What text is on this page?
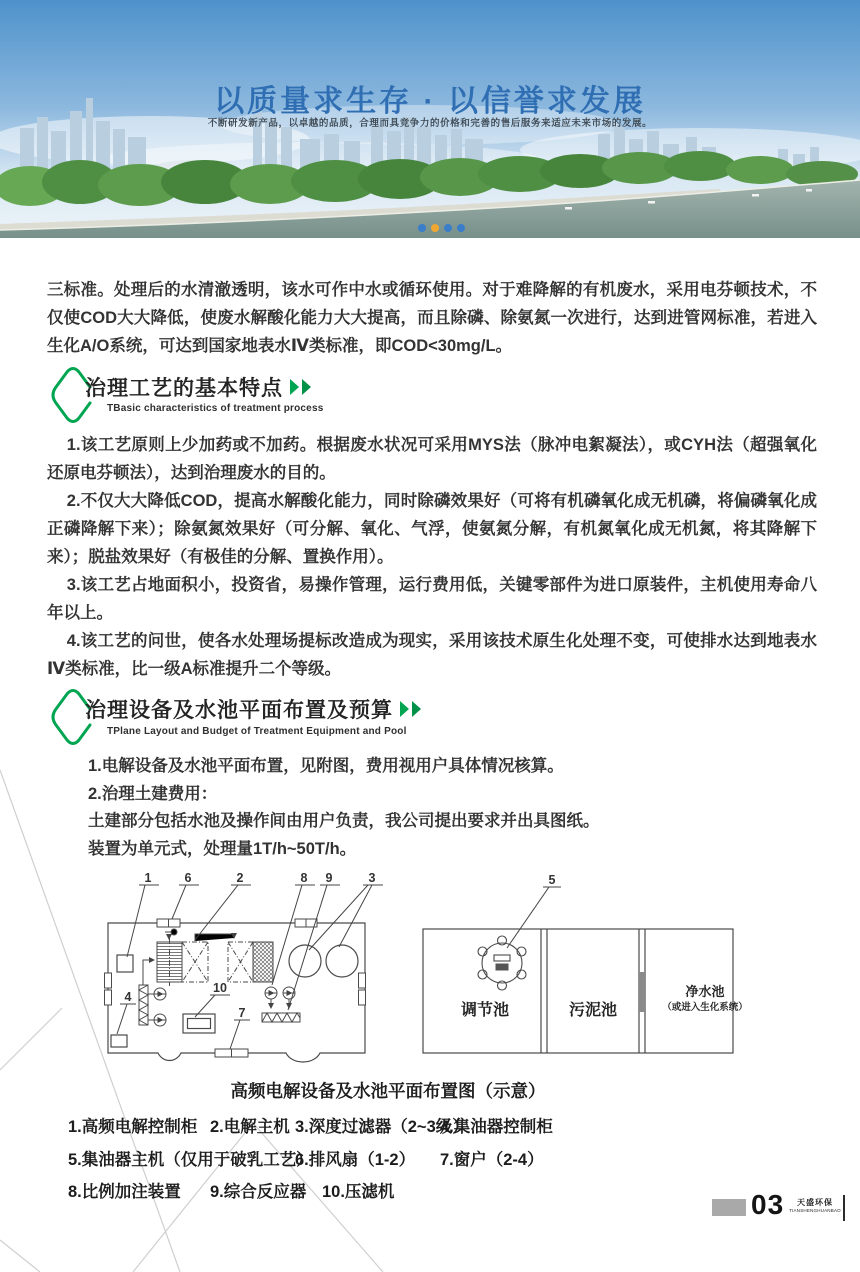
以质量求生存 · 以信誉求发展
不断研发新产品，以卓越的品质，合理而具竞争力的价格和完善的售后服务来适应未来市场的发展。

三标准。处理后的水清澈透明，该水可作中水或循环使用。对于难降解的有机废水，采用电芬顿技术，不仅使COD大大降低，使废水解酸化能力大大提高，而且除磷、除氨氮一次进行，达到进管网标准，若进入生化A/O系统，可达到国家地表水Ⅳ类标准，即COD<30mg/L。

治理工艺的基本特点
TBasic characteristics of treatment process

1.该工艺原则上少加药或不加药。根据废水状况可采用MYS法（脉冲电絮凝法），或CYH法（超强氧化还原电芬顿法），达到治理废水的目的。

2.不仅大大降低COD，提高水解酸化能力，同时除磷效果好（可将有机磷氧化成无机磷，将偏磷氧化成正磷降解下来）；除氨氮效果好（可分解、氧化、气浮，使氨氮分解，有机氮氧化成无机氮，将其降解下来）；脱盐效果好（有极佳的分解、置换作用）。

3.该工艺占地面积小，投资省，易操作管理，运行费用低，关键零部件为进口原装件，主机使用寿命八年以上。

4.该工艺的问世，使各水处理场提标改造成为现实，采用该技术原生化处理不变，可使排水达到地表水Ⅳ类标准，比一级A标准提升二个等级。

治理设备及水池平面布置及预算
TPlane Layout and Budget of Treatment Equipment and Pool
1.电解设备及水池平面布置，见附图，费用视用户具体情况核算。
2.治理土建费用：
土建部分包括水池及操作间由用户负责，我公司提出要求并出具图纸。
装置为单元式，处理量1T/h~50T/h。
1	6	2	8 9	3
4
10
7
5
调节池	污泥池
净水池
（或进入生化系统）
高频电解设备及水池平面布置图（示意）
1.高频电解控制柜 2.电解主机 3.深度过滤器（2~3级）
4.集油器控制柜
5.集油器主机（仅用于破乳工艺）
6.排风扇（1-2） 7.窗户（2-4）
8.比例加注装置 9.综合反应器 10.压滤机	03	天盛环保
TIANSHENGHUANBAO
